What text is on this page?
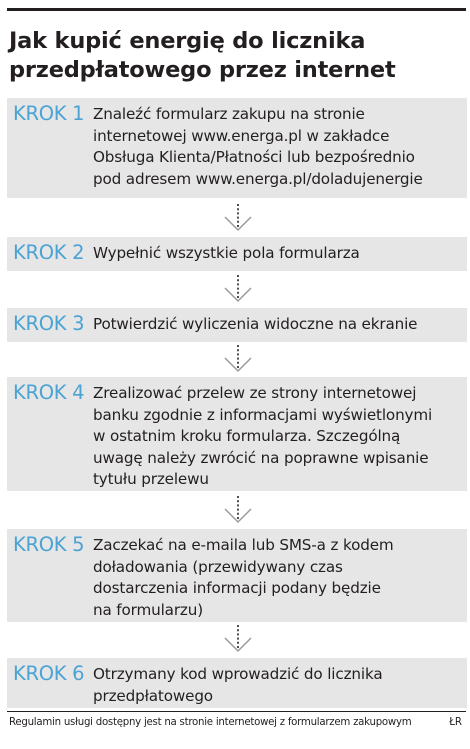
Jak kupić energię do licznika
przedpłatowego przez internet
KROK 1 Znaleźć formularz zakupu na stronie
internetowej www.energa.pl w zakładce
Obsługa Klienta/Płatności lub bezpośrednio
pod adresem www.energa.pl/doladujenergie
KROK 2 Wypełnić wszystkie pola formularza
KROK 3 Potwierdzić wyliczenia widoczne na ekranie
KROK 4 Zrealizować przelew ze strony internetowej
banku zgodnie z informacjami wyświetlonymi
w ostatnim kroku formularza. Szczególną
uwagę należy zwrócić na poprawne wpisanie
tytułu przelewu
KROK 5 Zaczekać na e-maila lub SMS-a z kodem
doładowania (przewidywany czas
dostarczenia informacji podany będzie
na formularzu)
KROK 6 Otrzymany kod wprowadzić do licznika
przedpłatowego
Regulamin usługi dostępny jest na stronie internetowej z formularzem zakupowym	ŁR
